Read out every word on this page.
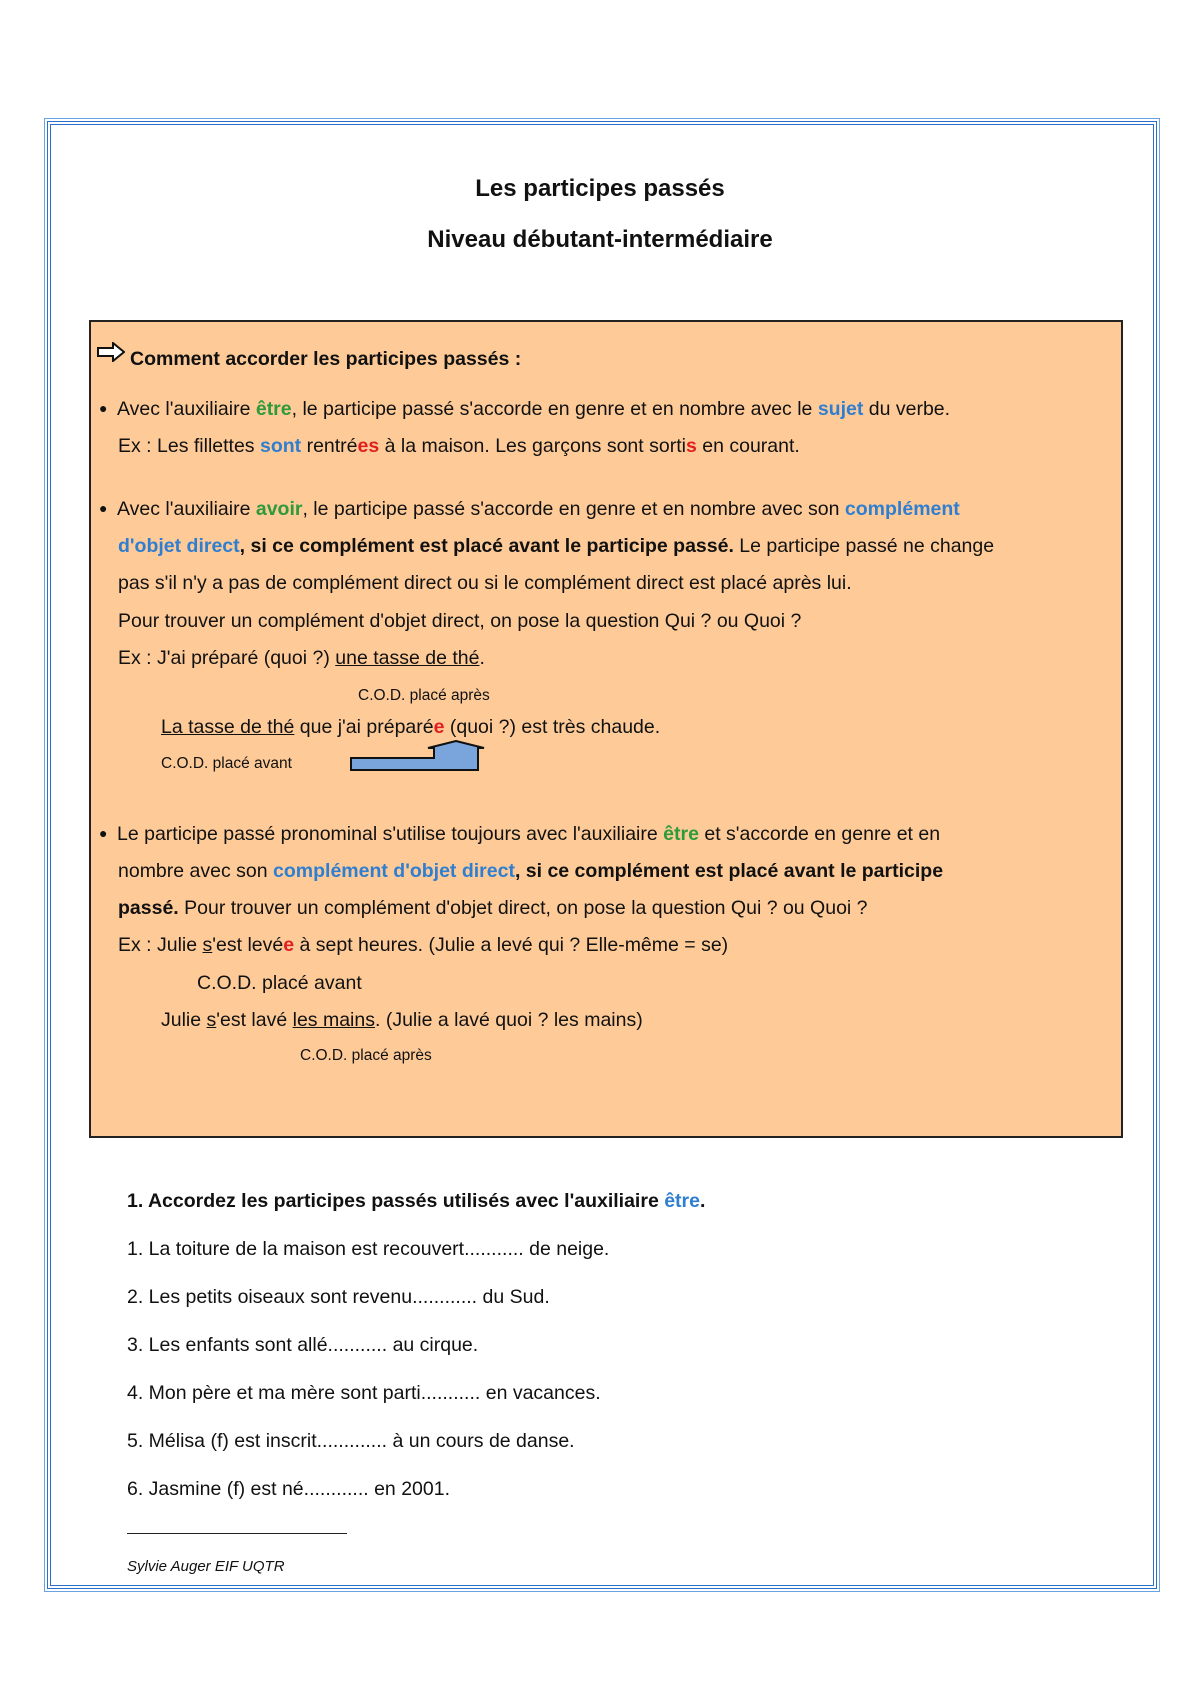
Les participes passés
Niveau débutant-intermédiaire
Comment accorder les participes passés :
● Avec l'auxiliaire être, le participe passé s'accorde en genre et en nombre avec le sujet du verbe.
Ex : Les fillettes sont rentrées à la maison. Les garçons sont sortis en courant.
● Avec l'auxiliaire avoir, le participe passé s'accorde en genre et en nombre avec son complément
d'objet direct, si ce complément est placé avant le participe passé. Le participe passé ne change
pas s'il n'y a pas de complément direct ou si le complément direct est placé après lui.
Pour trouver un complément d'objet direct, on pose la question Qui ? ou Quoi ?
Ex : J'ai préparé (quoi ?) une tasse de thé.
C.O.D. placé après
La tasse de thé que j'ai préparée (quoi ?) est très chaude.
C.O.D. placé avant
● Le participe passé pronominal s'utilise toujours avec l'auxiliaire être et s'accorde en genre et en
nombre avec son complément d'objet direct, si ce complément est placé avant le participe
passé. Pour trouver un complément d'objet direct, on pose la question Qui ? ou Quoi ?
Ex : Julie s'est levée à sept heures. (Julie a levé qui ? Elle-même = se)
C.O.D. placé avant
Julie s'est lavé les mains. (Julie a lavé quoi ? les mains)
C.O.D. placé après
1. Accordez les participes passés utilisés avec l'auxiliaire être.
1. La toiture de la maison est recouvert........... de neige.
2. Les petits oiseaux sont revenu............ du Sud.
3. Les enfants sont allé........... au cirque.
4. Mon père et ma mère sont parti........... en vacances.
5. Mélisa (f) est inscrit............. à un cours de danse.
6. Jasmine (f) est né............ en 2001.
Sylvie Auger EIF UQTR
